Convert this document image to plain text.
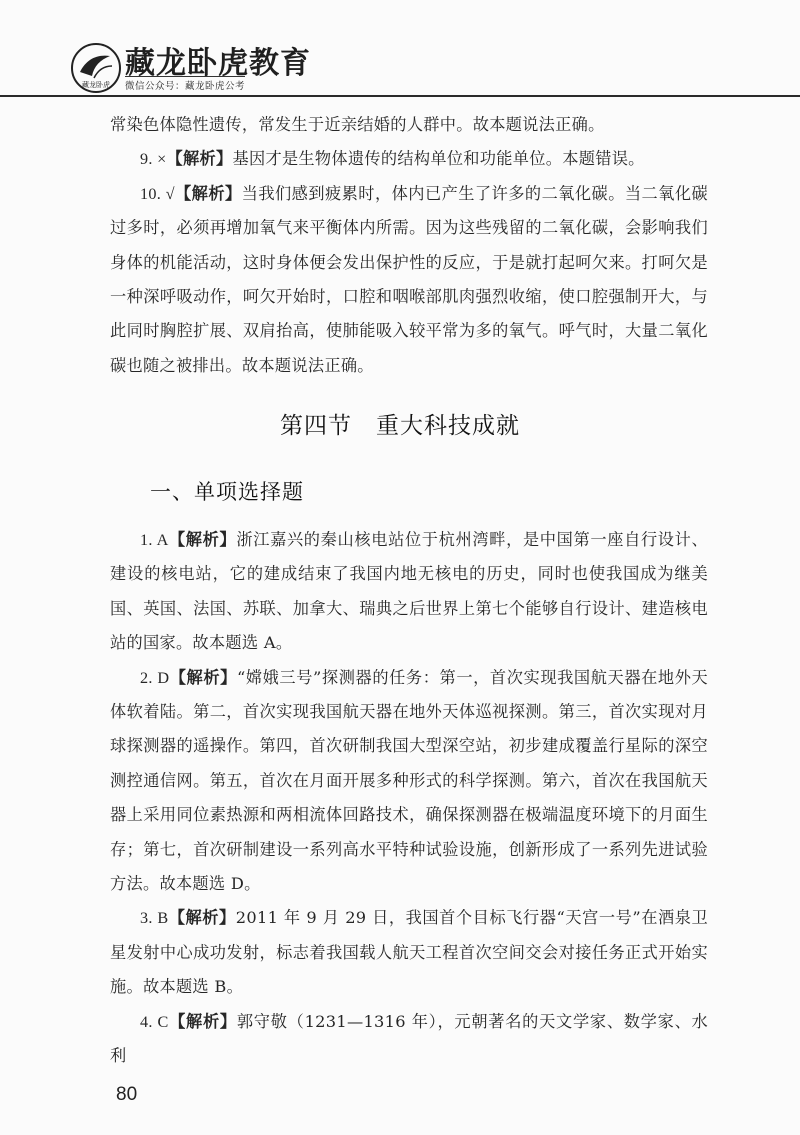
藏龙卧虎
藏龙卧虎教育
微信公众号：藏龙卧虎公考

常染色体隐性遗传，常发生于近亲结婚的人群中。故本题说法正确。

9. ×【解析】基因才是生物体遗传的结构单位和功能单位。本题错误。

10. √【解析】当我们感到疲累时，体内已产生了许多的二氧化碳。当二氧化碳过多时，必须再增加氧气来平衡体内所需。因为这些残留的二氧化碳，会影响我们身体的机能活动，这时身体便会发出保护性的反应，于是就打起呵欠来。打呵欠是一种深呼吸动作，呵欠开始时，口腔和咽喉部肌肉强烈收缩，使口腔强制开大，与此同时胸腔扩展、双肩抬高，使肺能吸入较平常为多的氧气。呼气时，大量二氧化碳也随之被排出。故本题说法正确。

第四节　重大科技成就
一、单项选择题

1. A【解析】浙江嘉兴的秦山核电站位于杭州湾畔，是中国第一座自行设计、建设的核电站，它的建成结束了我国内地无核电的历史，同时也使我国成为继美国、英国、法国、苏联、加拿大、瑞典之后世界上第七个能够自行设计、建造核电站的国家。故本题选 A。

2. D【解析】“嫦娥三号”探测器的任务：第一，首次实现我国航天器在地外天体软着陆。第二，首次实现我国航天器在地外天体巡视探测。第三，首次实现对月球探测器的遥操作。第四，首次研制我国大型深空站，初步建成覆盖行星际的深空测控通信网。第五，首次在月面开展多种形式的科学探测。第六，首次在我国航天器上采用同位素热源和两相流体回路技术，确保探测器在极端温度环境下的月面生存；第七，首次研制建设一系列高水平特种试验设施，创新形成了一系列先进试验方法。故本题选 D。

3. B【解析】2011 年 9 月 29 日，我国首个目标飞行器“天宫一号”在酒泉卫星发射中心成功发射，标志着我国载人航天工程首次空间交会对接任务正式开始实施。故本题选 B。

4. C【解析】郭守敬（1231—1316 年），元朝著名的天文学家、数学家、水利

80
